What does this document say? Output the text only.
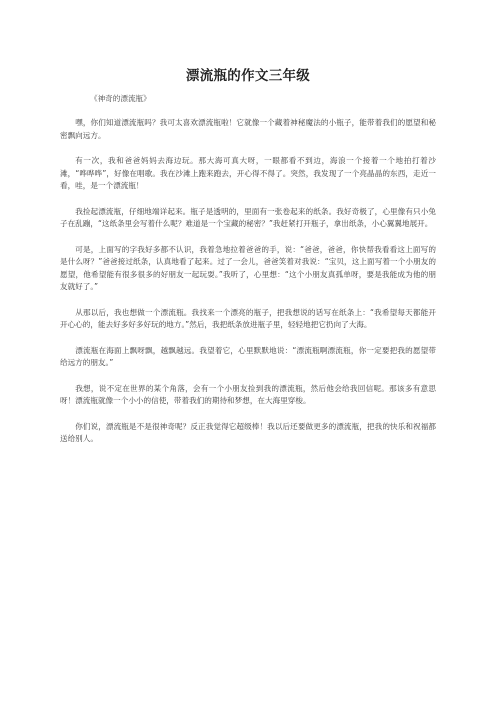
漂流瓶的作文三年级
《神奇的漂流瓶》

嘿，你们知道漂流瓶吗？我可太喜欢漂流瓶啦！它就像一个藏着神秘魔法的小瓶子，能带着我们的愿望和秘密飘向远方。

有一次，我和爸爸妈妈去海边玩。那大海可真大呀，一眼都看不到边，海浪一个接着一个地拍打着沙滩，“哗哗哗”，好像在唱歌。我在沙滩上跑来跑去，开心得不得了。突然，我发现了一个亮晶晶的东西，走近一看，哇，是一个漂流瓶！

我捡起漂流瓶，仔细地端详起来。瓶子是透明的，里面有一张卷起来的纸条。我好奇极了，心里像有只小兔子在乱蹦，“这纸条里会写着什么呢？难道是一个宝藏的秘密？”我赶紧打开瓶子，拿出纸条，小心翼翼地展开。

可是，上面写的字我好多都不认识，我着急地拉着爸爸的手，说：“爸爸，爸爸，你快帮我看看这上面写的是什么呀？”爸爸接过纸条，认真地看了起来。过了一会儿，爸爸笑着对我说：“宝贝，这上面写着一个小朋友的愿望，他希望能有很多很多的好朋友一起玩耍。”我听了，心里想：“这个小朋友真孤单呀，要是我能成为他的朋友就好了。”

从那以后，我也想做一个漂流瓶。我找来一个漂亮的瓶子，把我想说的话写在纸条上：“我希望每天都能开开心心的，能去好多好多好玩的地方。”然后，我把纸条放进瓶子里，轻轻地把它扔向了大海。

漂流瓶在海面上飘呀飘，越飘越远。我望着它，心里默默地说：“漂流瓶啊漂流瓶，你一定要把我的愿望带给远方的朋友。”

我想，说不定在世界的某个角落，会有一个小朋友捡到我的漂流瓶，然后他会给我回信呢。那该多有意思呀！漂流瓶就像一个小小的信使，带着我们的期待和梦想，在大海里穿梭。

你们说，漂流瓶是不是很神奇呢？反正我觉得它超级棒！我以后还要做更多的漂流瓶，把我的快乐和祝福都送给别人。
